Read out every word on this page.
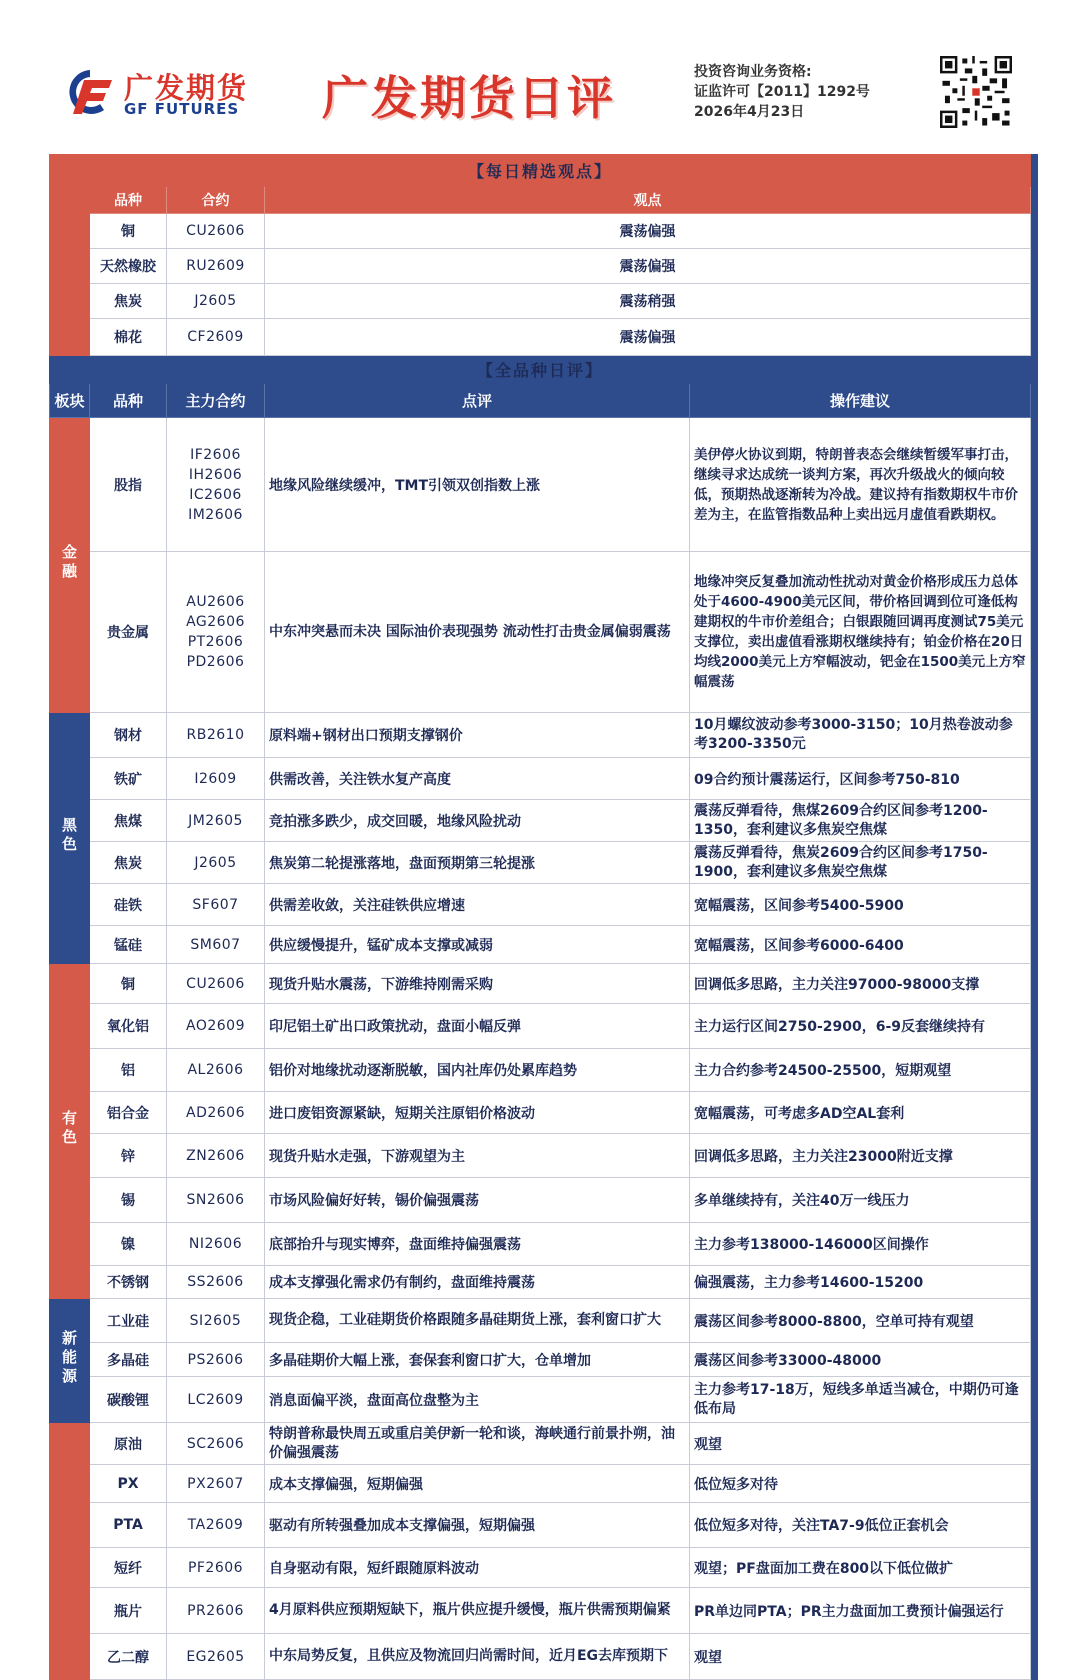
广发期货
GF FUTURES 广发期货日评	投资咨询业务资格:
证监许可【2011】1292号
2026年4月23日
【每日精选观点】				
	品种	合约	观点	
	铜	CU2606	震荡偏强	
	天然橡胶	RU2609	震荡偏强	
	焦炭	J2605	震荡稍强	
	棉花	CF2609	震荡偏强	
【全品种日评】				
板块	品种	主力合约	点评	操作建议
金融	股指	IF2606
IH2606
IC2606
IM2606	地缘风险继续缓冲，TMT引领双创指数上涨	美伊停火协议到期，特朗普表态会继续暂缓军事打击，继续寻求达成统一谈判方案，再次升级战火的倾向较低，预期热战逐渐转为冷战。建议持有指数期权牛市价差为主，在监管指数品种上卖出远月虚值看跌期权。
	贵金属	AU2606
AG2606
PT2606
PD2606	中东冲突悬而未决 国际油价表现强势 流动性打击贵金属偏弱震荡	地缘冲突反复叠加流动性扰动对黄金价格形成压力总体处于4600-4900美元区间，带价格回调到位可逢低构建期权的牛市价差组合；白银跟随回调再度测试75美元支撑位，卖出虚值看涨期权继续持有；铂金价格在20日均线2000美元上方窄幅波动，钯金在1500美元上方窄幅震荡
黑色	钢材	RB2610	原料端+钢材出口预期支撑钢价	10月螺纹波动参考3000-3150；10月热卷波动参考3200-3350元
	铁矿	I2609	供需改善，关注铁水复产高度	09合约预计震荡运行，区间参考750-810
	焦煤	JM2605	竞拍涨多跌少，成交回暖，地缘风险扰动	震荡反弹看待，焦煤2609合约区间参考1200-1350，套利建议多焦炭空焦煤
	焦炭	J2605	焦炭第二轮提涨落地，盘面预期第三轮提涨	震荡反弹看待，焦炭2609合约区间参考1750-1900，套利建议多焦炭空焦煤
	硅铁	SF607	供需差收敛，关注硅铁供应增速	宽幅震荡，区间参考5400-5900
	锰硅	SM607	供应缓慢提升，锰矿成本支撑或减弱	宽幅震荡，区间参考6000-6400
有色	铜	CU2606	现货升贴水震荡，下游维持刚需采购	回调低多思路，主力关注97000-98000支撑
	氧化铝	AO2609	印尼铝土矿出口政策扰动，盘面小幅反弹	主力运行区间2750-2900，6-9反套继续持有
	铝	AL2606	铝价对地缘扰动逐渐脱敏，国内社库仍处累库趋势	主力合约参考24500-25500，短期观望
	铝合金	AD2606	进口废铝资源紧缺，短期关注原铝价格波动	宽幅震荡，可考虑多AD空AL套利
	锌	ZN2606	现货升贴水走强，下游观望为主	回调低多思路，主力关注23000附近支撑
	锡	SN2606	市场风险偏好好转，锡价偏强震荡	多单继续持有，关注40万一线压力
	镍	NI2606	底部抬升与现实博弈，盘面维持偏强震荡	主力参考138000-146000区间操作
	不锈钢	SS2606	成本支撑强化需求仍有制约，盘面维持震荡	偏强震荡，主力参考14600-15200
新能源	工业硅	SI2605	现货企稳，工业硅期货价格跟随多晶硅期货上涨，套利窗口扩大	震荡区间参考8000-8800，空单可持有观望
	多晶硅	PS2606	多晶硅期价大幅上涨，套保套利窗口扩大，仓单增加	震荡区间参考33000-48000
	碳酸锂	LC2609	消息面偏平淡，盘面高位盘整为主	主力参考17-18万，短线多单适当减仓，中期仍可逢低布局
	原油	SC2606	特朗普称最快周五或重启美伊新一轮和谈，海峡通行前景扑朔，油价偏强震荡	观望
	PX	PX2607	成本支撑偏强，短期偏强	低位短多对待
	PTA	TA2609	驱动有所转强叠加成本支撑偏强，短期偏强	低位短多对待，关注TA7-9低位正套机会
	短纤	PF2606	自身驱动有限，短纤跟随原料波动	观望；PF盘面加工费在800以下低位做扩
	瓶片	PR2606	4月原料供应预期短缺下，瓶片供应提升缓慢，瓶片供需预期偏紧	PR单边同PTA；PR主力盘面加工费预计偏强运行
	乙二醇	EG2605	中东局势反复，且供应及物流回归尚需时间，近月EG去库预期下	观望
